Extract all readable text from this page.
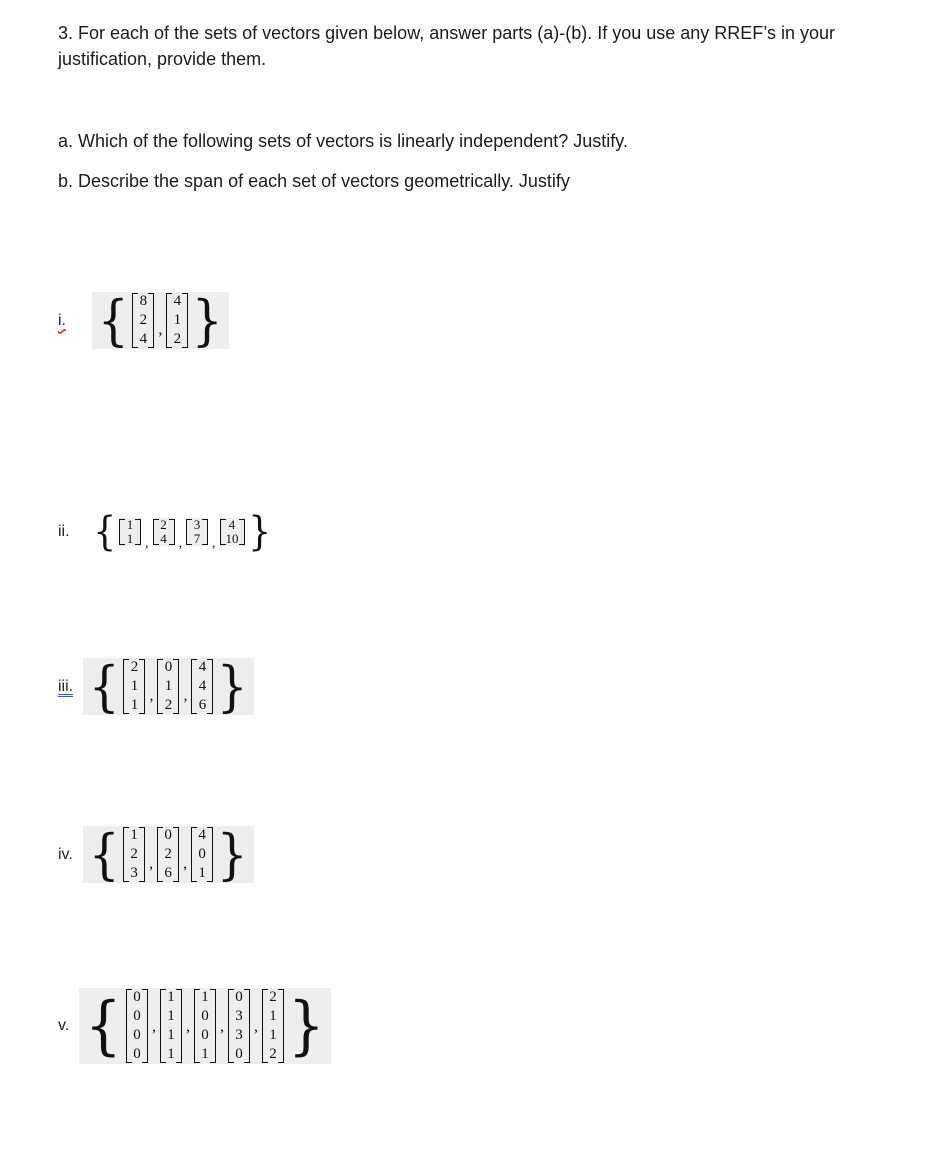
3. For each of the sets of vectors given below, answer parts (a)-(b). If you use any RREF’s in your
justification, provide them.
a. Which of the following sets of vectors is linearly independent? Justify.
b. Describe the span of each set of vectors geometrically. Justify
i. { 8
2
4
,
4
1
2 }
ii. { 1
1 ,
2
4 ,
3
7 ,
4
10 }
iii. { 2
1
1
,
0
1
2
,
4
4
6 }
iv. { 1
2
3
,
0
2
6
,
4
0
1 }
v. { 0
0
0
0
,
1
1
1
1
,
1
0
0
1
,
0
3
3
0
,
2
1
1
2 }
